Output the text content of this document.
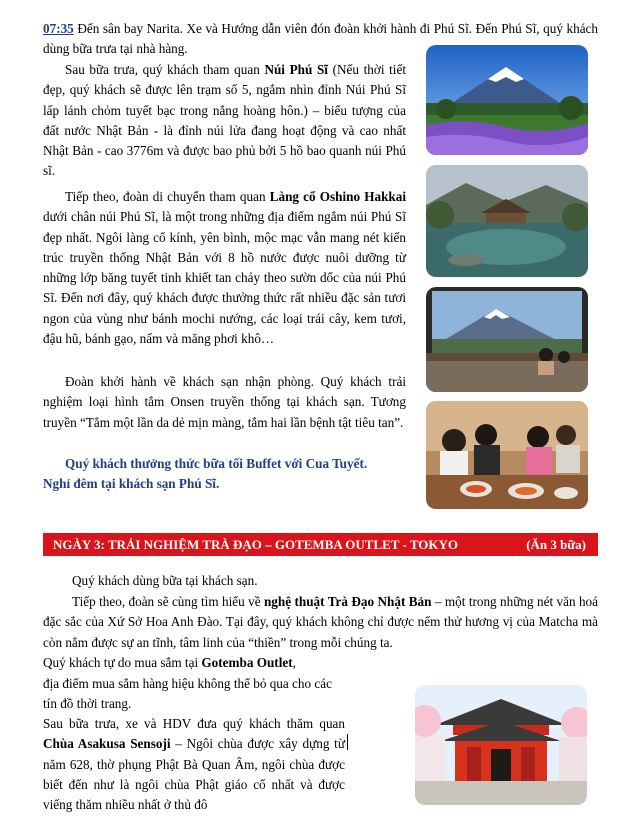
07:35 Đến sân bay Narita. Xe và Hướng dẫn viên đón đoàn khởi hành đi Phú Sĩ. Đến Phú Sĩ, quý khách dùng bữa trưa tại nhà hàng.
Sau bữa trưa, quý khách tham quan Núi Phú Sĩ (Nếu thời tiết đẹp, quý khách sẽ được lên trạm số 5, ngắm nhìn đỉnh Núi Phú Sĩ lấp lánh chỏm tuyết bạc trong nắng hoàng hôn.) – biểu tượng của đất nước Nhật Bản - là đỉnh núi lửa đang hoạt động và cao nhất Nhật Bản - cao 3776m và được bao phủ bởi 5 hồ bao quanh núi Phú sĩ.
Tiếp theo, đoàn di chuyển tham quan Làng cổ Oshino Hakkai dưới chân núi Phú Sĩ, là một trong những địa điểm ngắm núi Phú Sĩ đẹp nhất. Ngôi làng cổ kính, yên bình, mộc mạc vẫn mang nét kiến trúc truyền thống Nhật Bản với 8 hồ nước được nuôi dưỡng từ những lớp băng tuyết tinh khiết tan chảy theo sườn dốc của núi Phú Sĩ. Đến nơi đây, quý khách được thưởng thức rất nhiều đặc sản tươi ngon của vùng như bánh mochi nướng, các loại trái cây, kem tươi, đậu hũ, bánh gạo, nấm và măng phơi khô…
Đoàn khởi hành về khách sạn nhận phòng. Quý khách trải nghiệm loại hình tắm Onsen truyền thống tại khách sạn. Tương truyền “Tắm một lần da dẻ mịn màng, tắm hai lần bệnh tật tiêu tan”.
Quý khách thưởng thức bữa tối Buffet với Cua Tuyết.
Nghỉ đêm tại khách sạn Phú Sĩ.
NGÀY 3: TRẢI NGHIỆM TRÀ ĐẠO – GOTEMBA OUTLET - TOKYO	(Ăn 3 bữa)
Quý khách dùng bữa tại khách sạn.
Tiếp theo, đoàn sẽ cùng tìm hiểu về nghệ thuật Trà Đạo Nhật Bản – một trong những nét văn hoá đặc sắc của Xứ Sở Hoa Anh Đào. Tại đây, quý khách không chỉ được nếm thử hương vị của Matcha mà còn nắm được sự an tĩnh, tâm linh của “thiền” trong mỗi chúng ta.
Quý khách tự do mua sắm tại Gotemba Outlet,
địa điểm mua sắm hàng hiệu không thể bỏ qua cho các tín đồ thời trang.
Sau bữa trưa, xe và HDV đưa quý khách thăm quan Chùa Asakusa Sensoji – Ngôi chùa được xây dựng từ năm 628, thờ phụng Phật Bà Quan Âm, ngôi chùa được biết đến như là ngôi chùa Phật giáo cổ nhất và được viếng thăm nhiều nhất ở thủ đô
